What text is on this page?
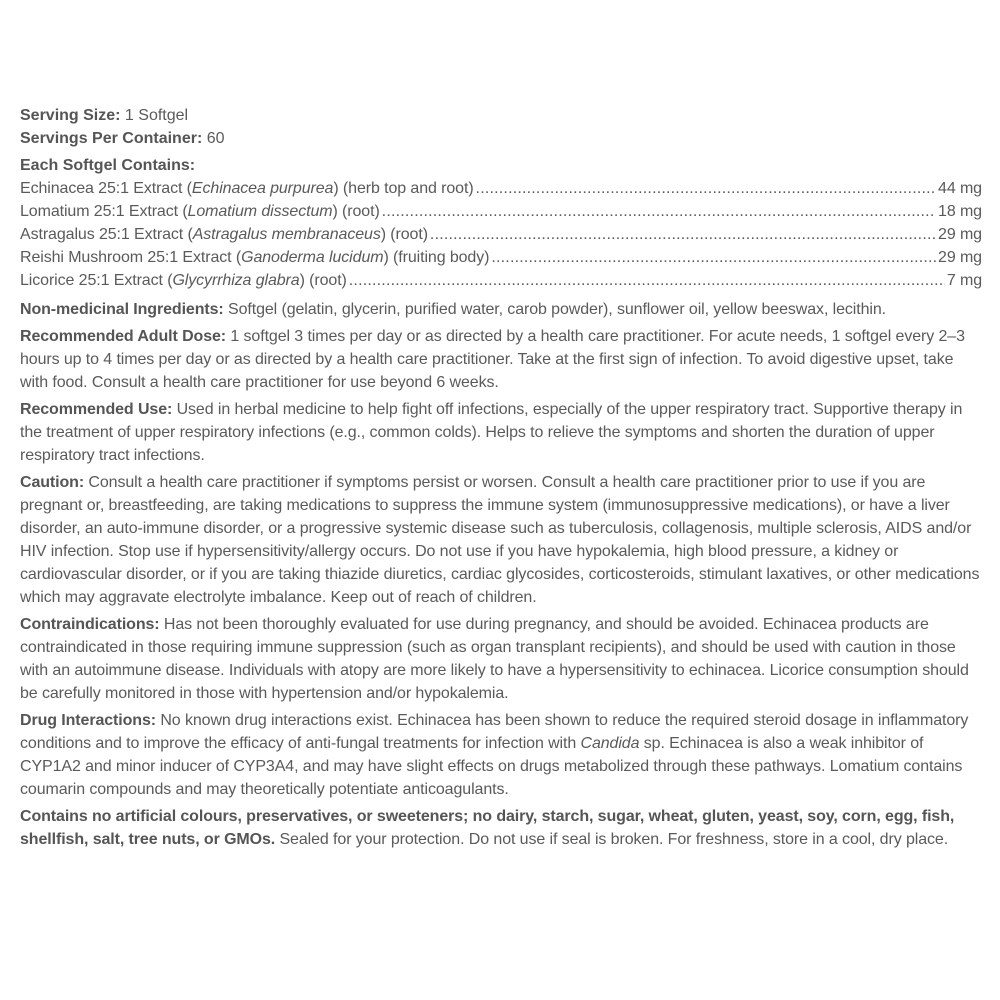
Serving Size: 1 Softgel

Servings Per Container: 60

Each Softgel Contains:
Echinacea 25:1 Extract (Echinacea purpurea) (herb top and root) .....	44 mg
Lomatium 25:1 Extract (Lomatium dissectum) (root) .....	18 mg
Astragalus 25:1 Extract (Astragalus membranaceus) (root) .....	29 mg
Reishi Mushroom 25:1 Extract (Ganoderma lucidum) (fruiting body) .....	29 mg
Licorice 25:1 Extract (Glycyrrhiza glabra) (root) .....	7 mg

Non-medicinal Ingredients: Softgel (gelatin, glycerin, purified water, carob powder), sunflower oil, yellow beeswax, lecithin.

Recommended Adult Dose: 1 softgel 3 times per day or as directed by a health care practitioner. For acute needs, 1 softgel every 2–3 hours up to 4 times per day or as directed by a health care practitioner. Take at the first sign of infection. To avoid digestive upset, take with food. Consult a health care practitioner for use beyond 6 weeks.

Recommended Use: Used in herbal medicine to help fight off infections, especially of the upper respiratory tract. Supportive therapy in the treatment of upper respiratory infections (e.g., common colds). Helps to relieve the symptoms and shorten the duration of upper respiratory tract infections.

Caution: Consult a health care practitioner if symptoms persist or worsen. Consult a health care practitioner prior to use if you are pregnant or, breastfeeding, are taking medications to suppress the immune system (immunosuppressive medications), or have a liver disorder, an auto-immune disorder, or a progressive systemic disease such as tuberculosis, collagenosis, multiple sclerosis, AIDS and/or HIV infection. Stop use if hypersensitivity/allergy occurs. Do not use if you have hypokalemia, high blood pressure, a kidney or cardiovascular disorder, or if you are taking thiazide diuretics, cardiac glycosides, corticosteroids, stimulant laxatives, or other medications which may aggravate electrolyte imbalance. Keep out of reach of children.

Contraindications: Has not been thoroughly evaluated for use during pregnancy, and should be avoided. Echinacea products are contraindicated in those requiring immune suppression (such as organ transplant recipients), and should be used with caution in those with an autoimmune disease. Individuals with atopy are more likely to have a hypersensitivity to echinacea. Licorice consumption should be carefully monitored in those with hypertension and/or hypokalemia.

Drug Interactions: No known drug interactions exist. Echinacea has been shown to reduce the required steroid dosage in inflammatory conditions and to improve the efficacy of anti-fungal treatments for infection with Candida sp. Echinacea is also a weak inhibitor of CYP1A2 and minor inducer of CYP3A4, and may have slight effects on drugs metabolized through these pathways. Lomatium contains coumarin compounds and may theoretically potentiate anticoagulants.

Contains no artificial colours, preservatives, or sweeteners; no dairy, starch, sugar, wheat, gluten, yeast, soy, corn, egg, fish, shellfish, salt, tree nuts, or GMOs. Sealed for your protection. Do not use if seal is broken. For freshness, store in a cool, dry place.
